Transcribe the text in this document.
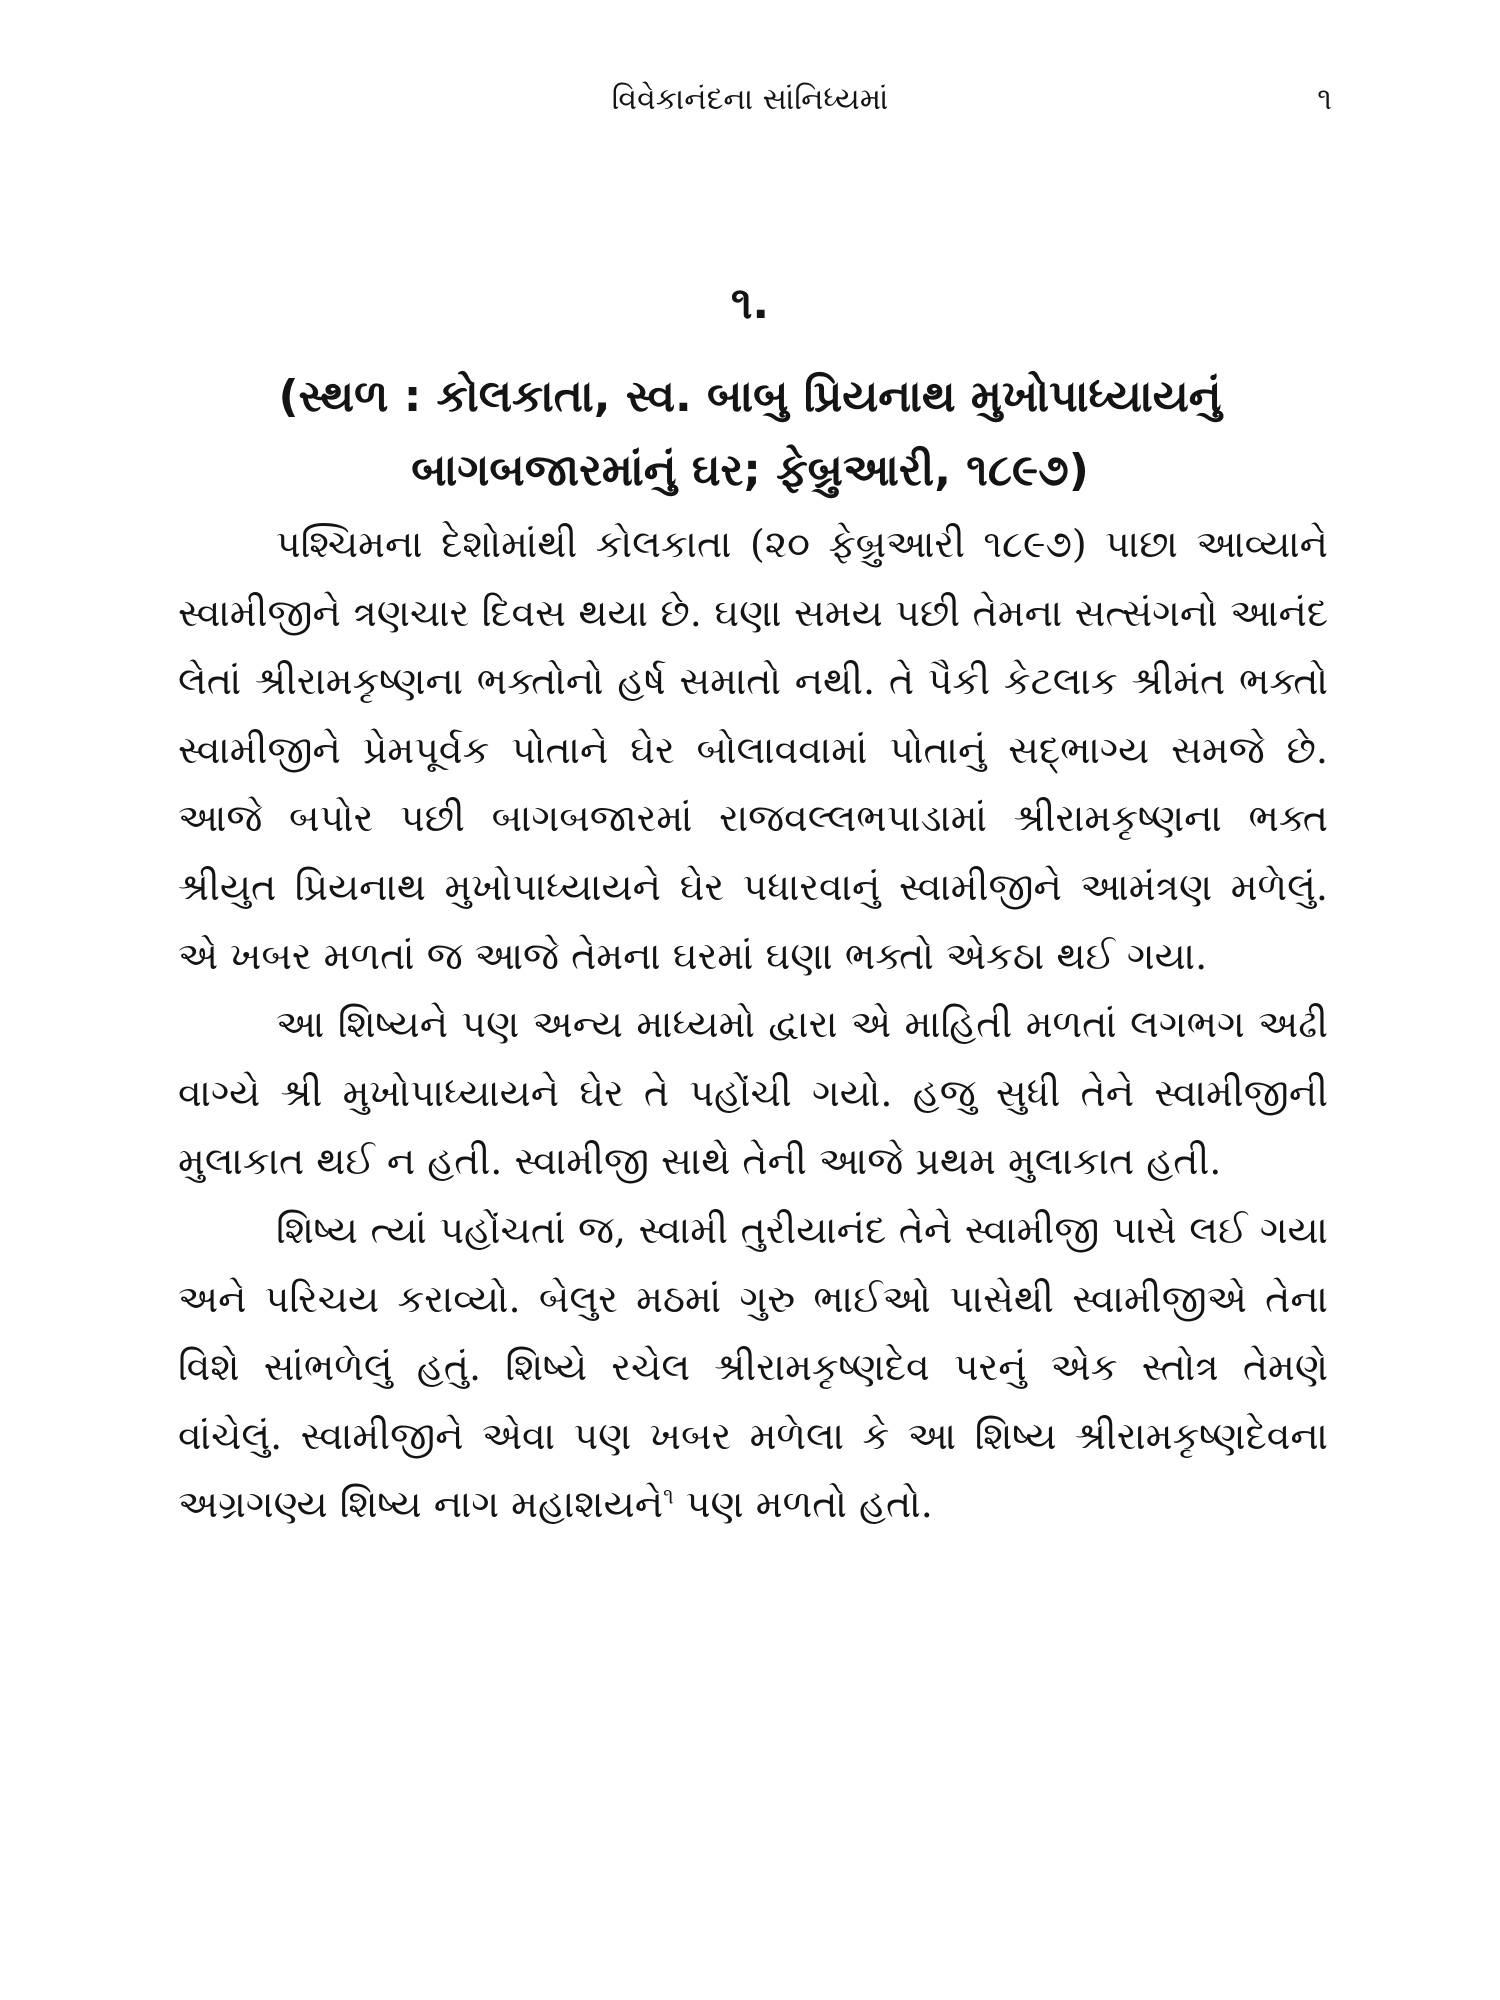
વિવેકાનંદના સાંનિધ્યમાં	૧
૧.
(સ્થળ : કોલકાતા, સ્વ. બાબુ પ્રિયનાથ મુખોપાધ્યાયનું બાગબજારમાંનું ઘર; ફેબ્રુઆરી, ૧૮૯૭)

પશ્ચિમના દેશોમાંથી કોલકાતા (૨૦ ફેબ્રુઆરી ૧૮૯૭) પાછા આવ્યાને સ્વામીજીને ત્રણચાર દિવસ થયા છે. ઘણા સમય પછી તેમના સત્સંગનો આનંદ લેતાં શ્રીરામકૃષ્ણના ભક્તોનો હર્ષ સમાતો નથી. તે પૈકી કેટલાક શ્રીમંત ભક્તો સ્વામીજીને પ્રેમપૂર્વક પોતાને ઘેર બોલાવવામાં પોતાનું સદ્ભાગ્ય સમજે છે. આજે બપોર પછી બાગબજારમાં રાજવલ્લભપાડામાં શ્રીરામકૃષ્ણના ભક્ત શ્રીયુત પ્રિયનાથ મુખોપાધ્યાયને ઘેર પધારવાનું સ્વામીજીને આમંત્રણ મળેલું. એ ખબર મળતાં જ આજે તેમના ઘરમાં ઘણા ભક્તો એકઠા થઈ ગયા.

આ શિષ્યને પણ અન્ય માધ્યમો દ્વારા એ માહિતી મળતાં લગભગ અઢી વાગ્યે શ્રી મુખોપાધ્યાયને ઘેર તે પહોંચી ગયો. હજુ સુધી તેને સ્વામીજીની મુલાકાત થઈ ન હતી. સ્વામીજી સાથે તેની આજે પ્રથમ મુલાકાત હતી.

શિષ્ય ત્યાં પહોંચતાં જ, સ્વામી તુરીયાનંદ તેને સ્વામીજી પાસે લઈ ગયા અને પરિચય કરાવ્યો. બેલુર મઠમાં ગુરુ ભાઈઓ પાસેથી સ્વામીજીએ તેના વિશે સાંભળેલું હતું. શિષ્યે રચેલ શ્રીરામકૃષ્ણદેવ પરનું એક સ્તોત્ર તેમણે વાંચેલું. સ્વામીજીને એવા પણ ખબર મળેલા કે આ શિષ્ય શ્રીરામકૃષ્ણદેવના અગ્રગણ્ય શિષ્ય નાગ મહાશયને$^૧$ પણ મળતો હતો.
